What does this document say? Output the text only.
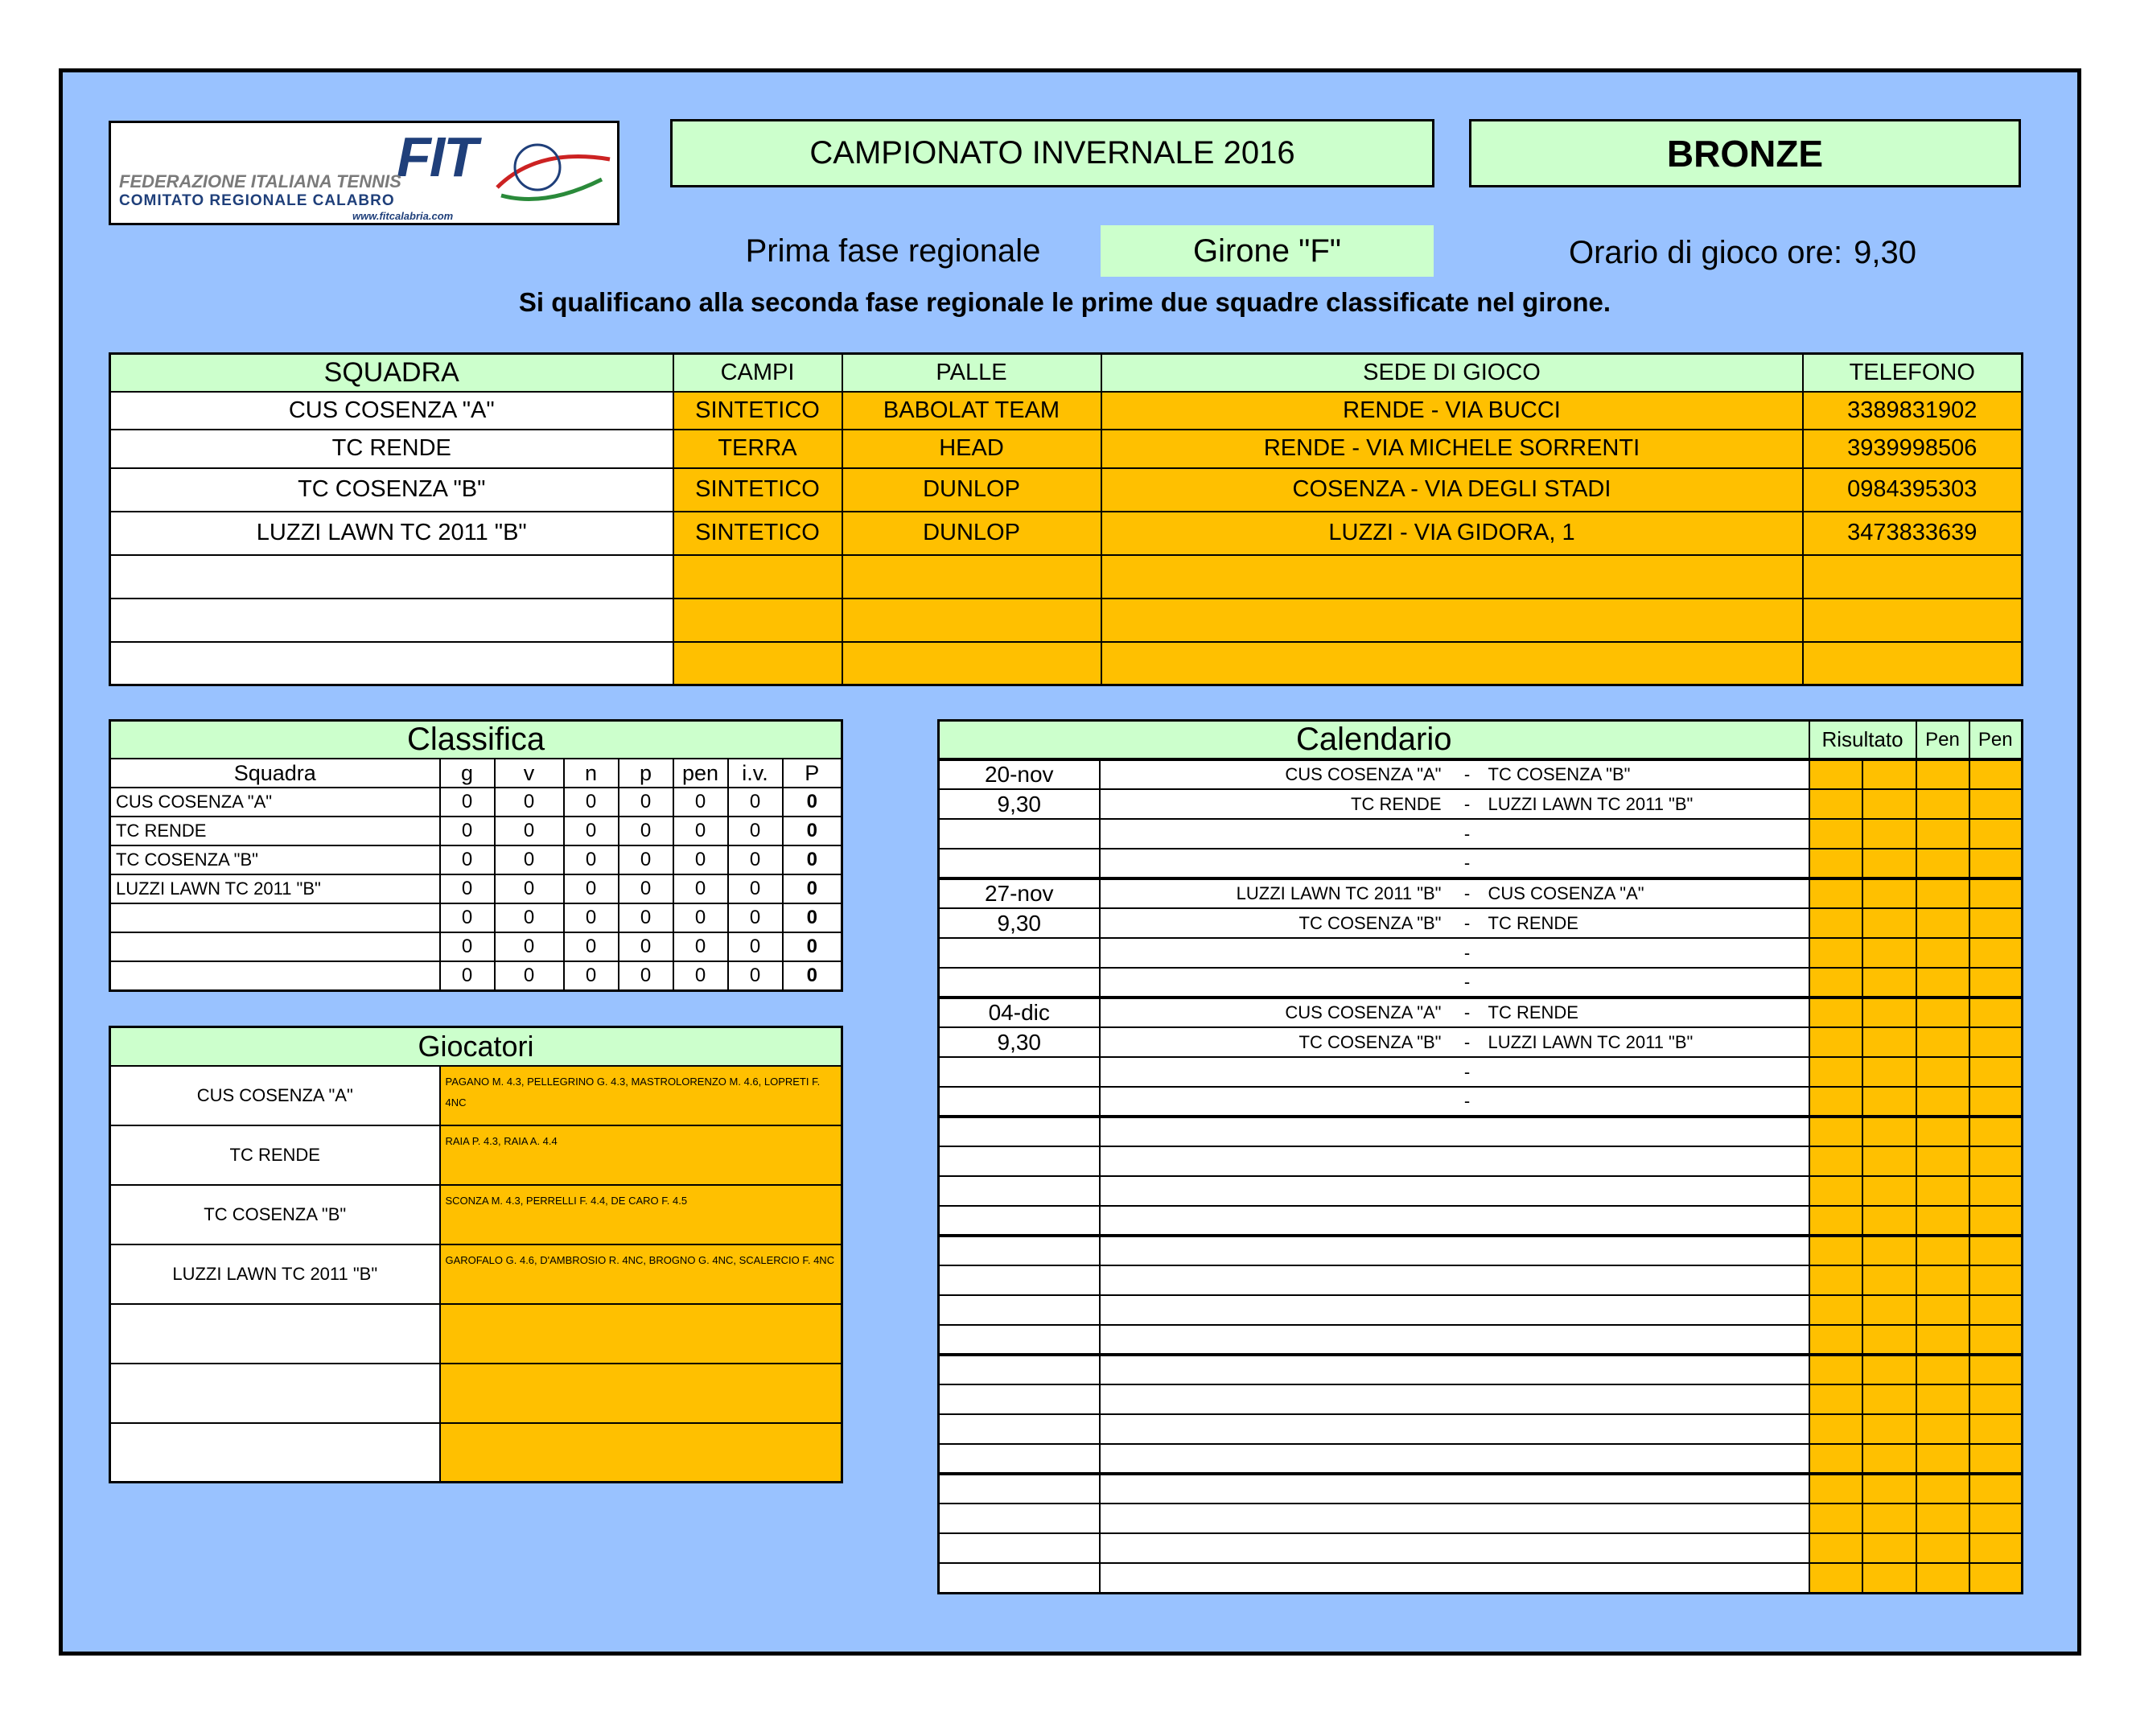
FIT
FEDERAZIONE ITALIANA TENNIS
COMITATO REGIONALE CALABRO
www.fitcalabria.com
CAMPIONATO INVERNALE 2016	BRONZE
Prima fase regionale	Girone "F"	Orario di gioco ore: 9,30
Si qualificano alla seconda fase regionale le prime due squadre classificate nel girone.
SQUADRA	CAMPI	PALLE	SEDE DI GIOCO	TELEFONO
CUS COSENZA "A"	SINTETICO	BABOLAT TEAM	RENDE - VIA BUCCI	3389831902
TC RENDE	TERRA	HEAD	RENDE - VIA MICHELE SORRENTI	3939998506
TC COSENZA "B"	SINTETICO	DUNLOP	COSENZA - VIA DEGLI STADI	0984395303
LUZZI LAWN TC 2011 "B"	SINTETICO	DUNLOP	LUZZI - VIA GIDORA, 1	3473833639

Classifica							
Squadra	g	v	n	p	pen	i.v.	P
CUS COSENZA "A"	0	0	0	0	0	0	0
TC RENDE	0	0	0	0	0	0	0
TC COSENZA "B"	0	0	0	0	0	0	0
LUZZI LAWN TC 2011 "B"	0	0	0	0	0	0	0
	0	0	0	0	0	0	0
	0	0	0	0	0	0	0
	0	0	0	0	0	0	0
Giocatori	
CUS COSENZA "A"	PAGANO M. 4.3, PELLEGRINO G. 4.3, MASTROLORENZO M. 4.6, LOPRETI F. 4NC
TC RENDE	RAIA P. 4.3, RAIA A. 4.4
TC COSENZA "B"	SCONZA M. 4.3, PERRELLI F. 4.4, DE CARO F. 4.5
LUZZI LAWN TC 2011 "B"	GAROFALO G. 4.6, D'AMBROSIO R. 4NC, BROGNO G. 4NC, SCALERCIO F. 4NC

Calendario				Risultato		Pen	Pen
20-nov	CUS COSENZA "A"	-	TC COSENZA "B"				
9,30	TC RENDE	-	LUZZI LAWN TC 2011 "B"				
		-					
		-					
27-nov	LUZZI LAWN TC 2011 "B"	-	CUS COSENZA "A"				
9,30	TC COSENZA "B"	-	TC RENDE				
		-					
		-					
04-dic	CUS COSENZA "A"	-	TC RENDE				
9,30	TC COSENZA "B"	-	LUZZI LAWN TC 2011 "B"				
		-					
		-					
